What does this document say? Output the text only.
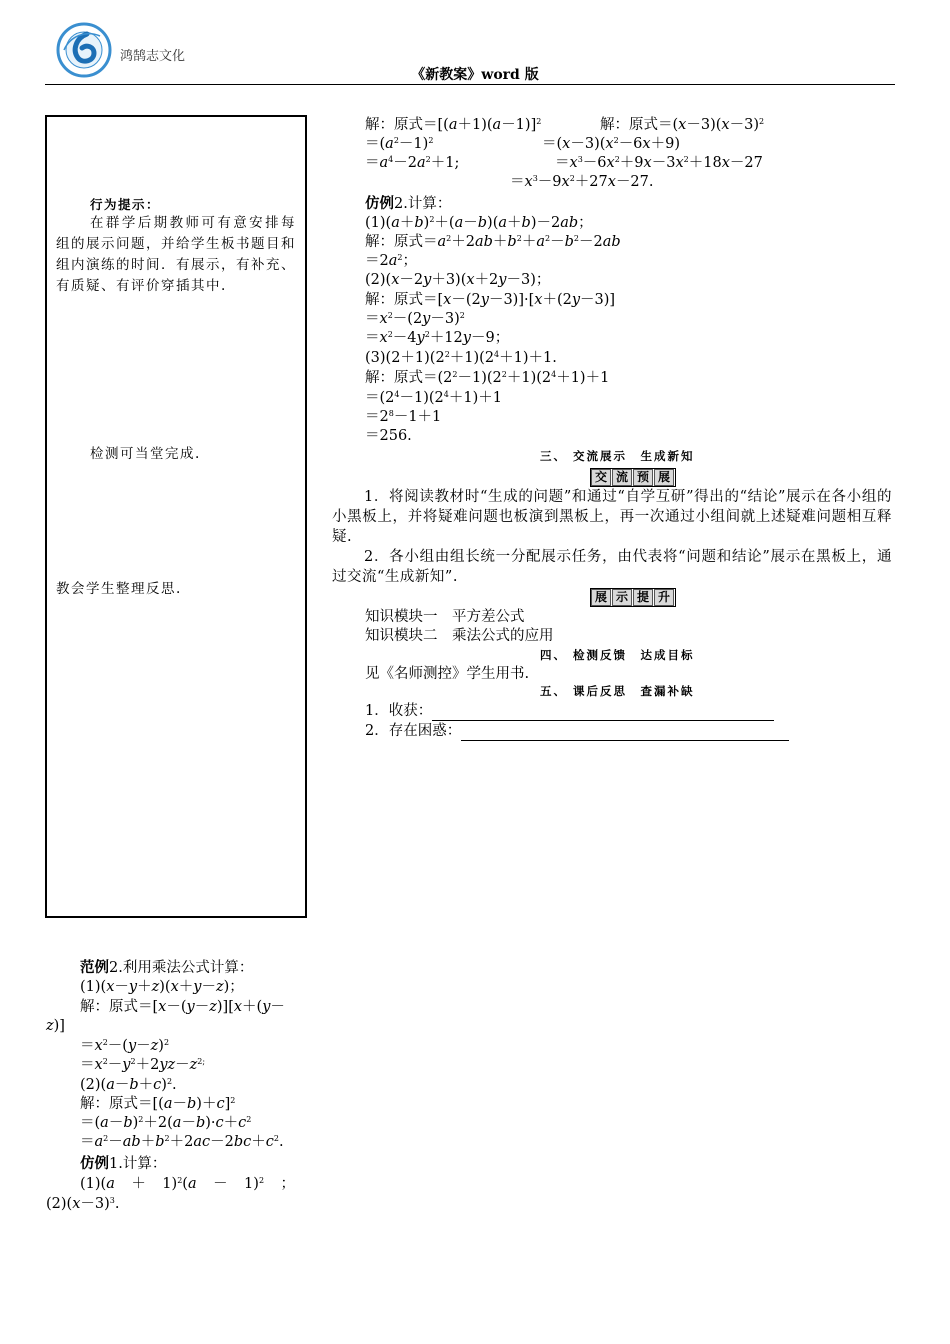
鸿鹄志文化
《新教案》word 版
行为提示：
在群学后期教师可有意安排每组的展示问题，并给学生板书题目和组内演练的时间．有展示，有补充、有质疑、有评价穿插其中.
检测可当堂完成.
教会学生整理反思.
解：原式$=[(a+1)(a-1)]^2$	解：原式$=(x-3)(x-3)^2$
$=(a^2-1)^2$	$=(x-3)(x^2-6x+9)$
$=a^4-2a^2+1$;	$=x^3-6x^2+9x-3x^2+18x-27$
$=x^3-9x^2+27x-27$.
仿例2.计算：
$(1)(a+b)^2+(a-b)(a+b)-2ab$；
解：原式$=a^2+2ab+b^2+a^2-b^2-2ab$
$=2a^2$；
(2)(x－2y＋3)(x＋2y－3)；
解：原式＝[x－(2y－3)]·[x＋(2y－3)]
$=x^2-(2y-3)^2$
$=x^2-4y^2+12y-9$；
$(3)(2+1)(2^2+1)(2^4+1)+1$.
解：原式$=(2^2-1)(2^2+1)(2^4+1)+1$
$=(2^4-1)(2^4+1)+1$
$=2^8-1+1$
＝256.
三、 交流展示　生成新知
交 流 预 展
1．将阅读教材时“生成的问题”和通过“自学互研”得出的“结论”展示在各小组的小黑板上，并将疑难问题也板演到黑板上，再一次通过小组间就上述疑难问题相互释疑.
2．各小组由组长统一分配展示任务，由代表将“问题和结论”展示在黑板上，通过交流“生成新知”.
展 示 提 升
知识模块一　平方差公式
知识模块二　乘法公式的应用
四、 检测反馈　达成目标
见《名师测控》学生用书.
五、 课后反思　查漏补缺
1．收获：
2．存在困惑：
范例2.利用乘法公式计算：
(1)(x－y＋z)(x＋y－z)；
解：原式＝[x－(y－z)][x＋(y－
z)]
$=x^2-(y-z)^2$
$=x^2-y^2+2yz-z^{2;}$
$(2)(a-b+c)^2$.
解：原式$=[(a-b)+c]^2$
$=(a-b)^2+2(a-b)\cdot c+c^2$
$=a^2-ab+b^2+2ac-2bc+c^2$.
仿例1.计算：
$(1)(a + 1)^2(a - 1)^2$ ；
$(2)(x-3)^3$.
